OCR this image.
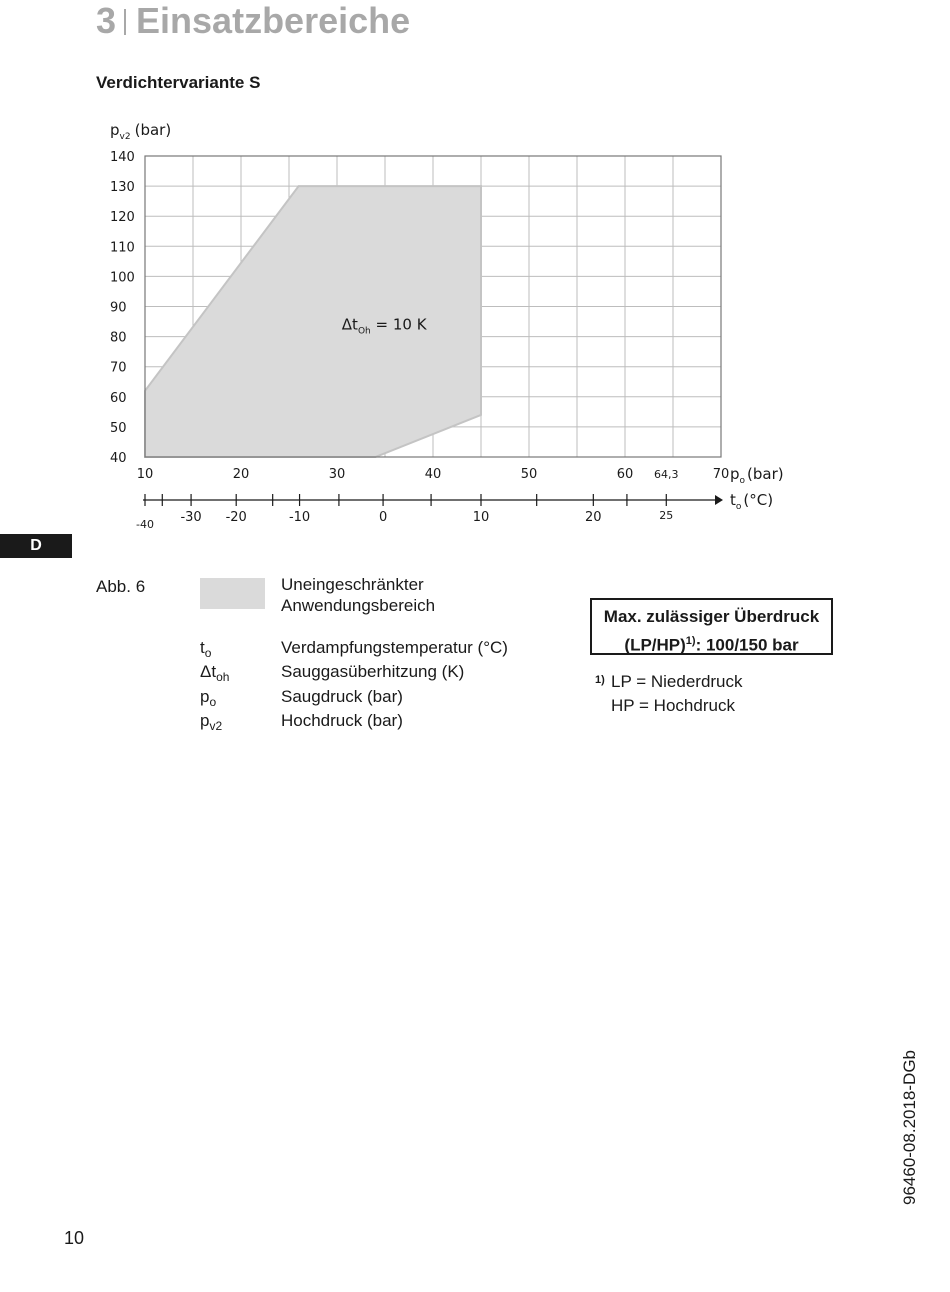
3 Einsatzbereiche
Verdichtervariante S
40
50
60
70
80
90
100
110
120
130
140
10	20	30	40	50	60	70
64,3
$p_{v2}$ (bar)
$p_o$ (bar)
$\Delta t_{Oh} = 10$ K
-40 -30 -20	-10	0	10	20	25
$t_o$ (°C)
D
Abb. 6	Uneingeschränkter
Anwendungsbereich
$t_o$	Verdampfungstemperatur (°C)
$\Delta t_{oh}$	Sauggasüberhitzung (K)
$p_o$	Saugdruck (bar)
$p_{v2}$	Hochdruck (bar)
Max. zulässiger Überdruck
$(LP/HP)^{1)}$: 100/150 bar
1) LP = Niederdruck
HP = Hochdruck
96460-08.2018-DGb
10
